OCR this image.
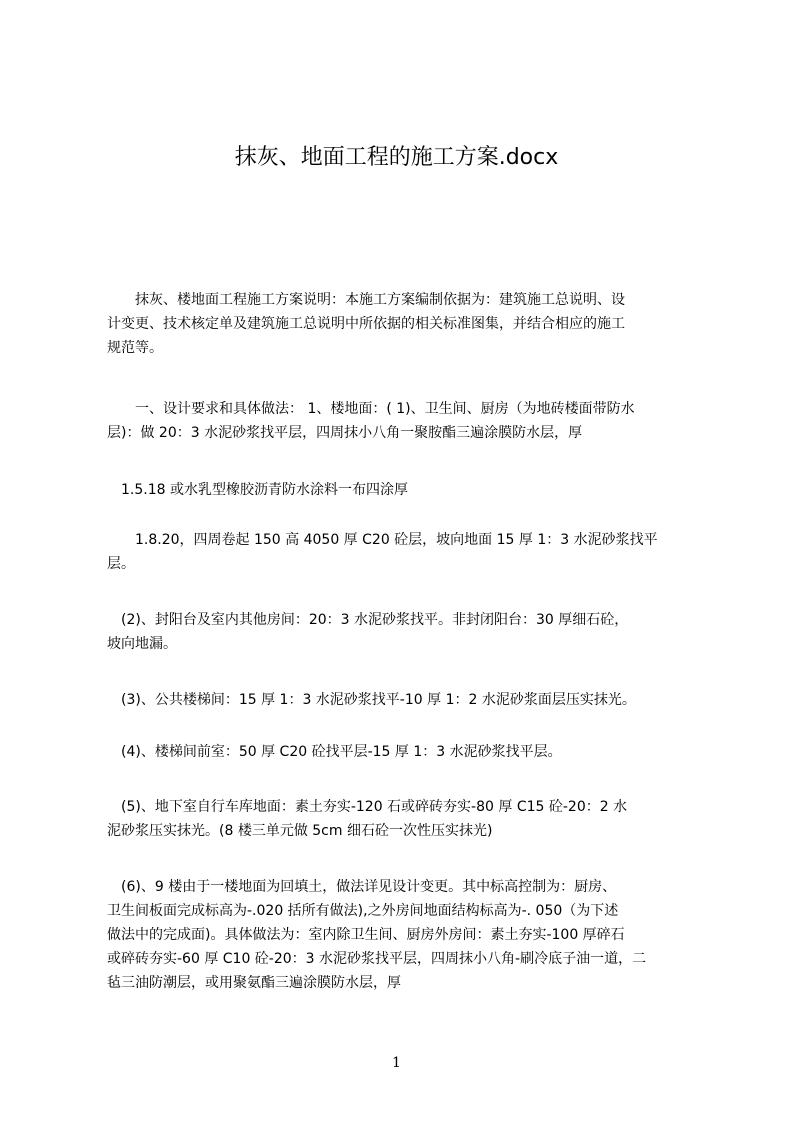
抹灰、地面工程的施工方案.docx
　　抹灰、楼地面工程施工方案说明：本施工方案编制依据为：建筑施工总说明、设
计变更、技术核定单及建筑施工总说明中所依据的相关标准图集，并结合相应的施工
规范等。
　　一、设计要求和具体做法： 1、楼地面：( 1)、卫生间、厨房（为地砖楼面带防水
层)：做 20：3 水泥砂浆找平层，四周抹小八角一聚胺酯三遍涂膜防水层，厚
　1.5.18 或水乳型橡胶沥青防水涂料一布四涂厚
　　1.8.20，四周卷起 150 高 4050 厚 C20 砼层，坡向地面 15 厚 1：3 水泥砂浆找平
层。
　(2)、封阳台及室内其他房间：20：3 水泥砂浆找平。非封闭阳台：30 厚细石砼，
坡向地漏。
　(3)、公共楼梯间：15 厚 1：3 水泥砂浆找平-10 厚 1：2 水泥砂浆面层压实抹光。
　(4)、楼梯间前室：50 厚 C20 砼找平层-15 厚 1：3 水泥砂浆找平层。
　(5)、地下室自行车库地面：素土夯实-120 石或碎砖夯实-80 厚 C15 砼-20：2 水
泥砂浆压实抹光。(8 楼三单元做 5cm 细石砼一次性压实抹光)
　(6)、9 楼由于一楼地面为回填土，做法详见设计变更。其中标高控制为：厨房、
卫生间板面完成标高为-.020 括所有做法),之外房间地面结构标高为-. 050（为下述
做法中的完成面)。具体做法为：室内除卫生间、厨房外房间：素土夯实-100 厚碎石
或碎砖夯实-60 厚 C10 砼-20：3 水泥砂浆找平层，四周抹小八角-刷冷底子油一道，二
毡三油防潮层，或用聚氨酯三遍涂膜防水层，厚
1
